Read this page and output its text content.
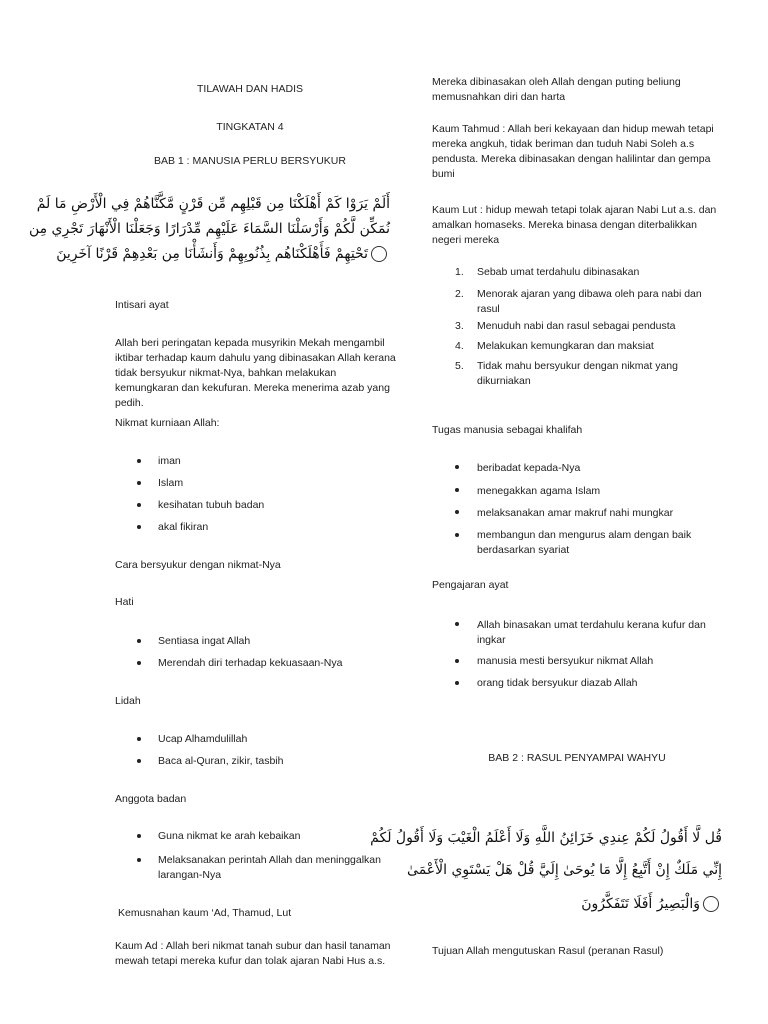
TILAWAH DAN HADIS
TINGKATAN 4
BAB 1 : MANUSIA PERLU BERSYUKUR
أَلَمْ يَرَوْا كَمْ أَهْلَكْنَا مِن قَبْلِهِم مِّن قَرْنٍ مَّكَّنَّاهُمْ فِي الْأَرْضِ مَا لَمْ
نُمَكِّن لَّكُمْ وَأَرْسَلْنَا السَّمَاءَ عَلَيْهِم مِّدْرَارًا وَجَعَلْنَا الْأَنْهَارَ تَجْرِي مِن
تَحْتِهِمْ فَأَهْلَكْنَاهُم بِذُنُوبِهِمْ وَأَنشَأْنَا مِن بَعْدِهِمْ قَرْنًا آخَرِينَ
Intisari ayat
Allah beri peringatan kepada musyrikin Mekah mengambil iktibar terhadap kaum dahulu yang dibinasakan Allah kerana tidak bersyukur nikmat-Nya, bahkan melakukan kemungkaran dan kekufuran. Mereka menerima azab yang pedih.
Nikmat kurniaan Allah:
iman
Islam
kesihatan tubuh badan
akal fikiran
Cara bersyukur dengan nikmat-Nya
Hati
Sentiasa ingat Allah
Merendah diri terhadap kekuasaan-Nya
Lidah
Ucap Alhamdulillah
Baca al-Quran, zikir, tasbih
Anggota badan
Guna nikmat ke arah kebaikan
Melaksanakan perintah Allah dan meninggalkan larangan-Nya
Kemusnahan kaum ‘Ad, Thamud, Lut
Kaum Ad : Allah beri nikmat tanah subur dan hasil tanaman mewah tetapi mereka kufur dan tolak ajaran Nabi Hus a.s.
Mereka dibinasakan oleh Allah dengan puting beliung memusnahkan diri dan harta
Kaum Tahmud : Allah beri kekayaan dan hidup mewah tetapi mereka angkuh, tidak beriman dan tuduh Nabi Soleh a.s pendusta. Mereka dibinasakan dengan halilintar dan gempa bumi
Kaum Lut : hidup mewah tetapi tolak ajaran Nabi Lut a.s. dan amalkan homaseks. Mereka binasa dengan diterbalikkan negeri mereka
1. Sebab umat terdahulu dibinasakan
2. Menorak ajaran yang dibawa oleh para nabi dan rasul
3. Menuduh nabi dan rasul sebagai pendusta
4. Melakukan kemungkaran dan maksiat
5. Tidak mahu bersyukur dengan nikmat yang dikurniakan
Tugas manusia sebagai khalifah
beribadat kepada-Nya
menegakkan agama Islam
melaksanakan amar makruf nahi mungkar
membangun dan mengurus alam dengan baik berdasarkan syariat
Pengajaran ayat
Allah binasakan umat terdahulu kerana kufur dan ingkar
manusia mesti bersyukur nikmat Allah
orang tidak bersyukur diazab Allah
BAB 2 : RASUL PENYAMPAI WAHYU
قُل لَّا أَقُولُ لَكُمْ عِندِي خَزَائِنُ اللَّهِ وَلَا أَعْلَمُ الْغَيْبَ وَلَا أَقُولُ لَكُمْ
إِنِّي مَلَكٌ إِنْ أَتَّبِعُ إِلَّا مَا يُوحَىٰ إِلَيَّ قُلْ هَلْ يَسْتَوِي الْأَعْمَىٰ
وَالْبَصِيرُ أَفَلَا تَتَفَكَّرُونَ
Tujuan Allah mengutuskan Rasul (peranan Rasul)
